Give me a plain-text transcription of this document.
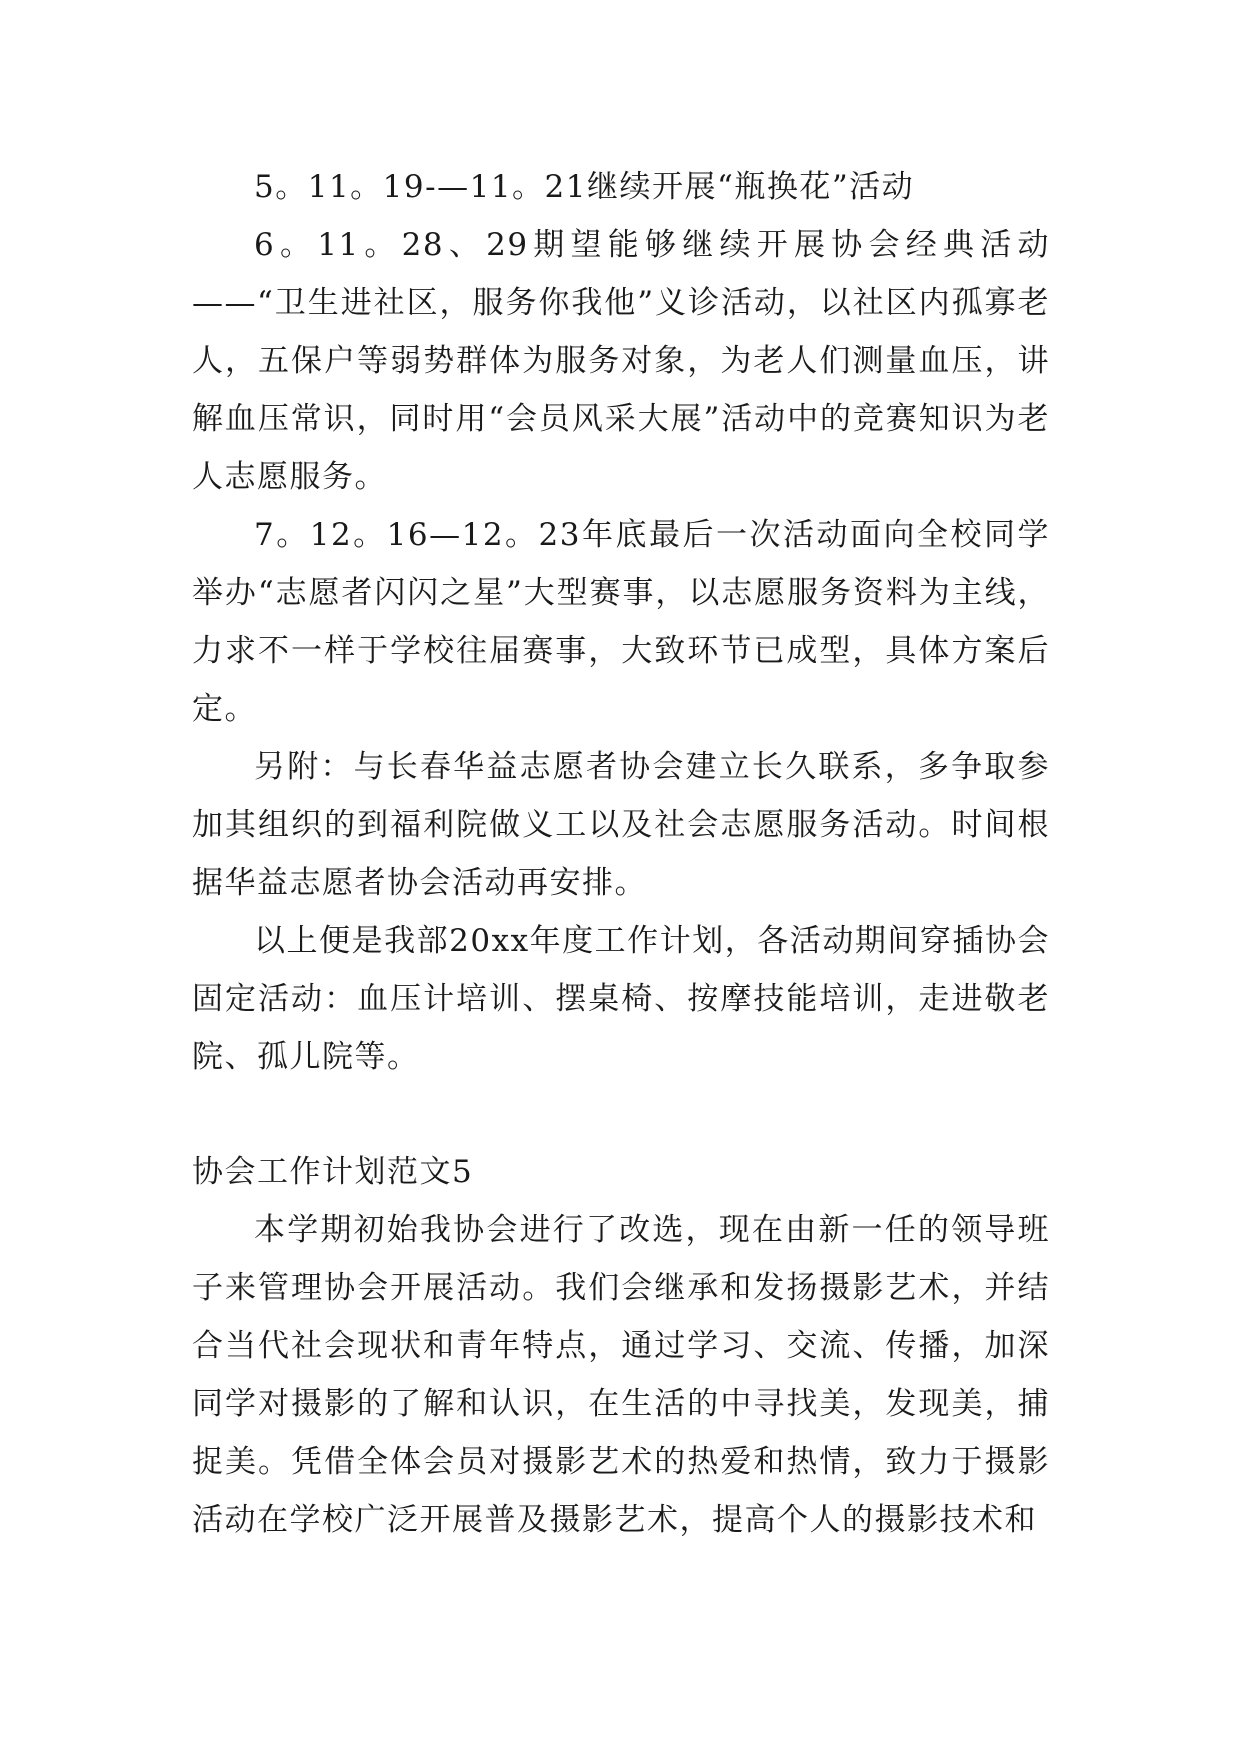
5。11。19-—11。21继续开展“瓶换花”活动

6。11。28、29期望能够继续开展协会经典活动——“卫生进社区，服务你我他”义诊活动，以社区内孤寡老人，五保户等弱势群体为服务对象，为老人们测量血压，讲解血压常识，同时用“会员风采大展”活动中的竞赛知识为老人志愿服务。

7。12。16—12。23年底最后一次活动面向全校同学举办“志愿者闪闪之星”大型赛事，以志愿服务资料为主线，力求不一样于学校往届赛事，大致环节已成型，具体方案后定。

另附：与长春华益志愿者协会建立长久联系，多争取参加其组织的到福利院做义工以及社会志愿服务活动。时间根据华益志愿者协会活动再安排。

以上便是我部20xx年度工作计划，各活动期间穿插协会固定活动：血压计培训、摆桌椅、按摩技能培训，走进敬老院、孤儿院等。

协会工作计划范文5

本学期初始我协会进行了改选，现在由新一任的领导班子来管理协会开展活动。我们会继承和发扬摄影艺术，并结合当代社会现状和青年特点，通过学习、交流、传播，加深同学对摄影的了解和认识，在生活的中寻找美，发现美，捕捉美。凭借全体会员对摄影艺术的热爱和热情，致力于摄影活动在学校广泛开展普及摄影艺术，提高个人的摄影技术和
